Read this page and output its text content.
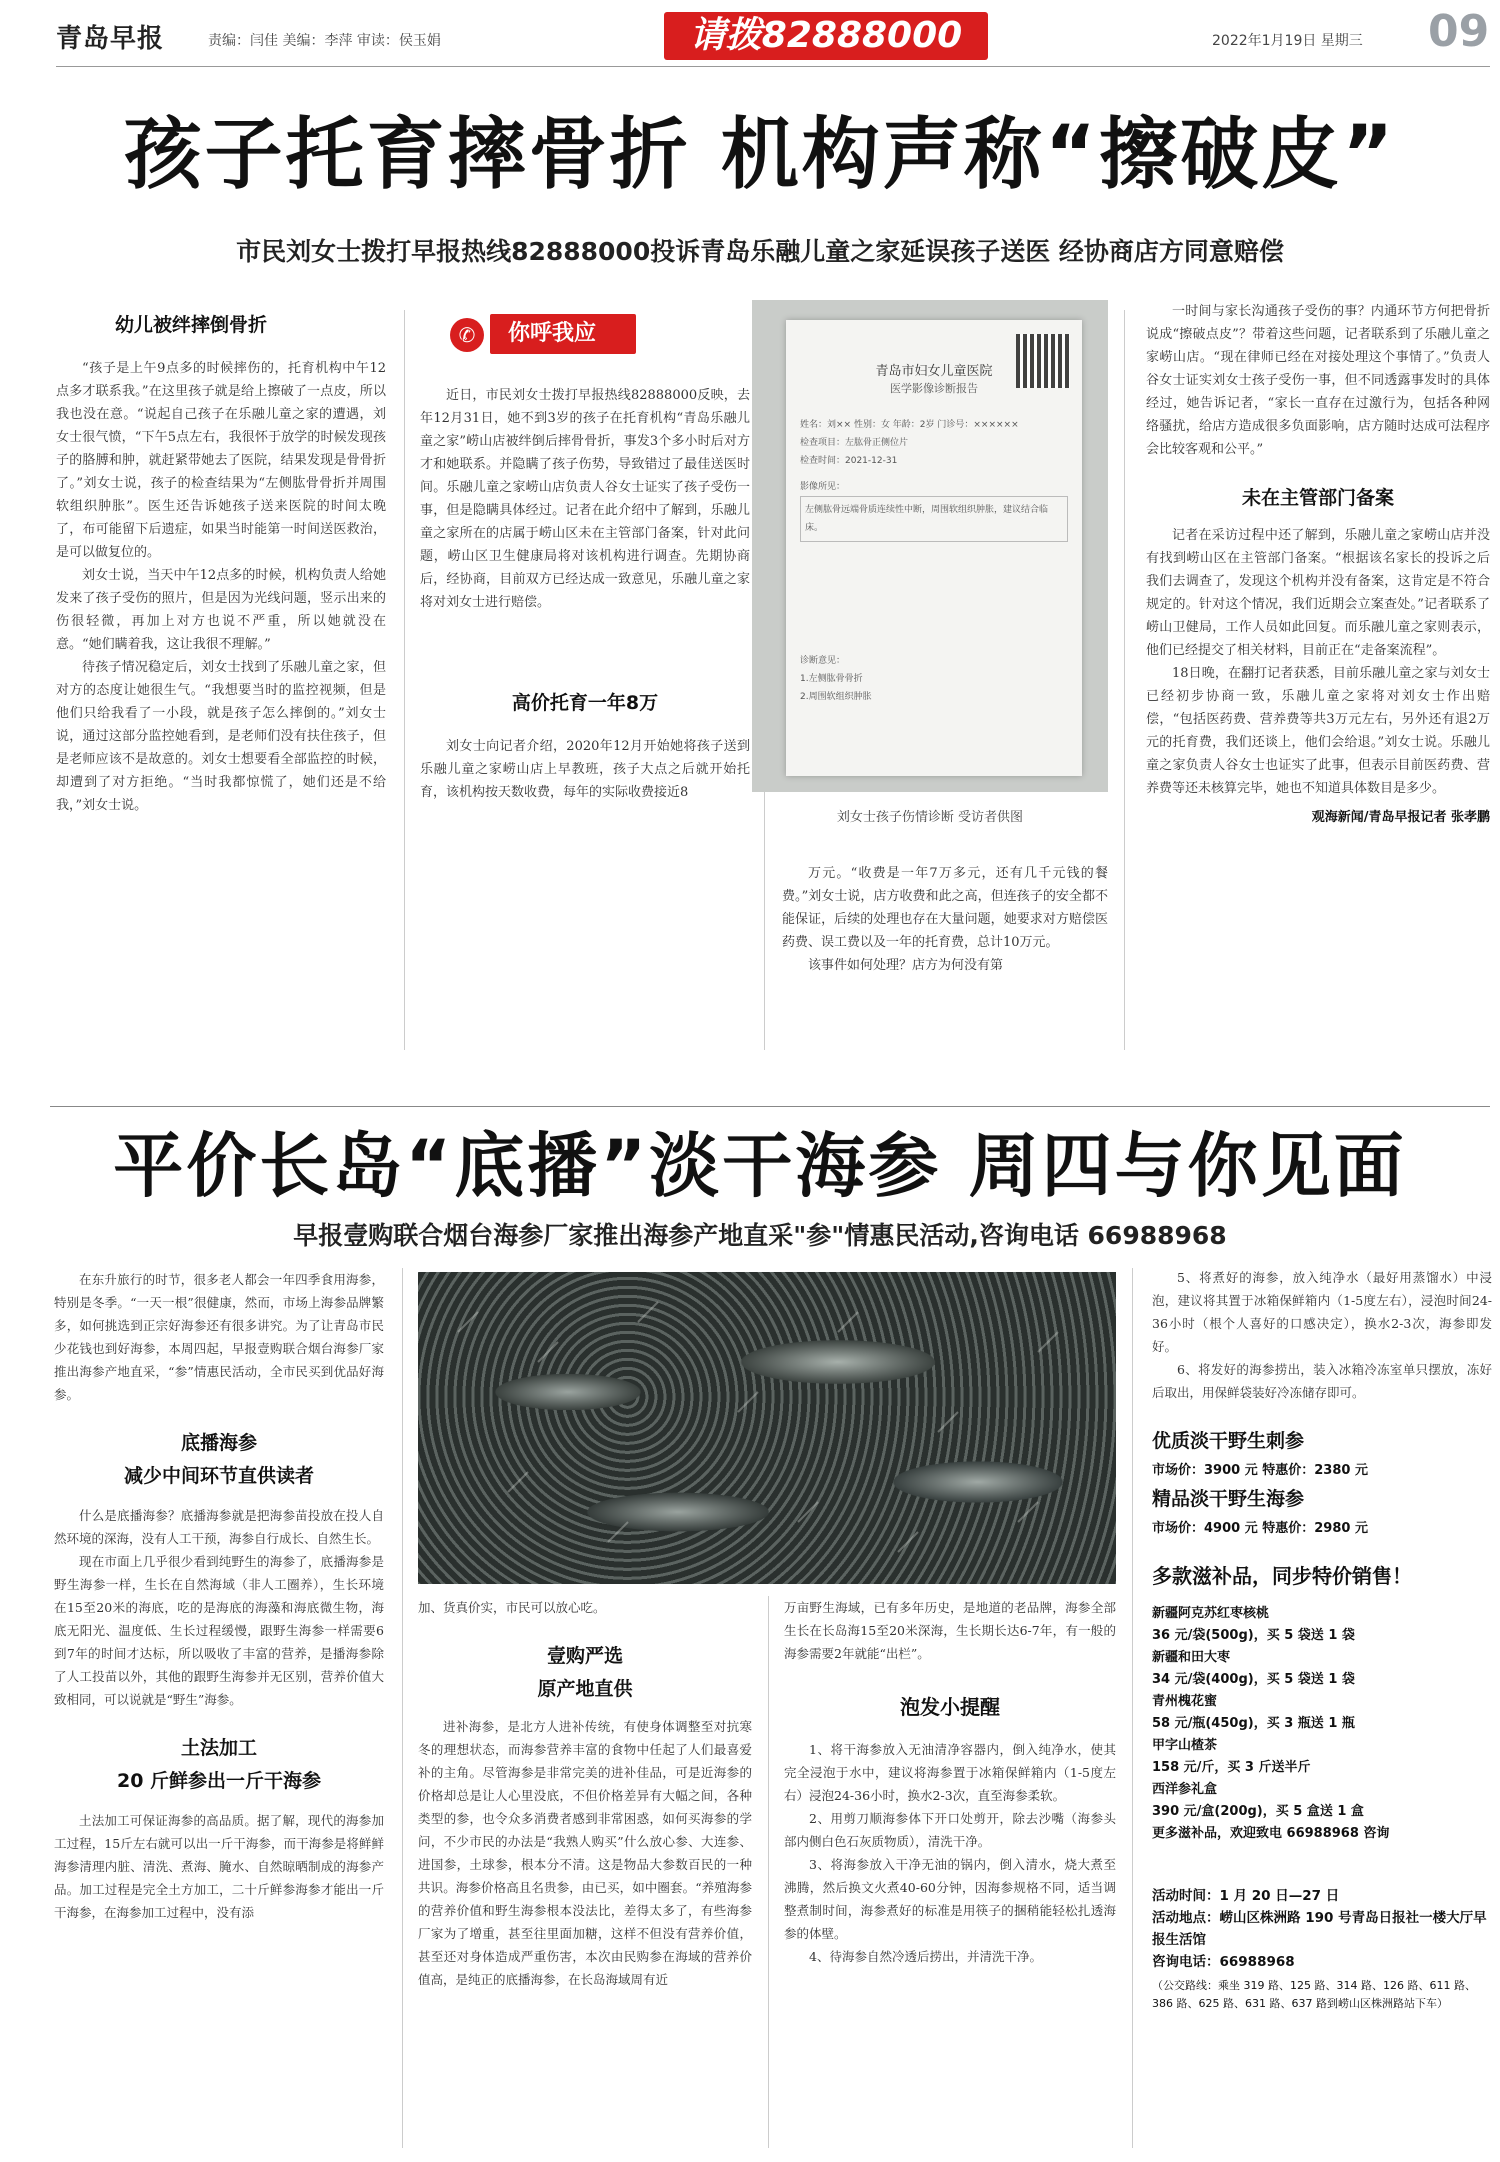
青岛早报	责编：闫佳 美编：李萍 审读：侯玉娟	请拨82888000	2022年1月19日 星期三 09
孩子托育摔骨折 机构声称“擦破皮”
市民刘女士拨打早报热线82888000投诉青岛乐融儿童之家延误孩子送医 经协商店方同意赔偿
幼儿被绊摔倒骨折

“孩子是上午9点多的时候摔伤的，托育机构中午12点多才联系我。”在这里孩子就是给上擦破了一点皮，所以我也没在意。“说起自己孩子在乐融儿童之家的遭遇，刘女士很气愤，“下午5点左右，我很怀于放学的时候发现孩子的胳膊和肿，就赶紧带她去了医院，结果发现是骨骨折了。”刘女士说，孩子的检查结果为“左侧肱骨骨折并周围软组织肿胀”。医生还告诉她孩子送来医院的时间太晚了，布可能留下后遗症，如果当时能第一时间送医救治，是可以做复位的。

刘女士说，当天中午12点多的时候，机构负责人给她发来了孩子受伤的照片，但是因为光线问题，竖示出来的伤很轻微，再加上对方也说不严重，所以她就没在意。“她们瞒着我，这让我很不理解。”

待孩子情况稳定后，刘女士找到了乐融儿童之家，但对方的态度让她很生气。“我想要当时的监控视频，但是他们只给我看了一小段，就是孩子怎么摔倒的。”刘女士说，通过这部分监控她看到，是老师们没有扶住孩子，但是老师应该不是故意的。刘女士想要看全部监控的时候，却遭到了对方拒绝。“当时我都惊慌了，她们还是不给我，”刘女士说。

✆	你呼我应

近日，市民刘女士拨打早报热线82888000反映，去年12月31日，她不到3岁的孩子在托育机构“青岛乐融儿童之家”崂山店被绊倒后摔骨骨折，事发3个多小时后对方才和她联系。并隐瞒了孩子伤势，导致错过了最佳送医时间。乐融儿童之家崂山店负责人谷女士证实了孩子受伤一事，但是隐瞒具体经过。记者在此介绍中了解到，乐融儿童之家所在的店属于崂山区未在主管部门备案，针对此问题，崂山区卫生健康局将对该机构进行调查。先期协商后，经协商，目前双方已经达成一致意见，乐融儿童之家将对刘女士进行赔偿。

高价托育一年8万

刘女士向记者介绍，2020年12月开始她将孩子送到乐融儿童之家崂山店上早教班，孩子大点之后就开始托育，该机构按天数收费，每年的实际收费接近8

青岛市妇女儿童医院
医学影像诊断报告
姓名：刘×× 性别：女 年龄：2岁 门诊号：××××××
检查项目：左肱骨正侧位片
检查时间：2021-12-31
影像所见：
左侧肱骨远端骨质连续性中断，周围软组织肿胀，建议结合临床。
诊断意见：
1.左侧肱骨骨折
2.周围软组织肿胀
刘女士孩子伤情诊断 受访者供图

万元。“收费是一年7万多元，还有几千元钱的餐费。”刘女士说，店方收费和此之高，但连孩子的安全都不能保证，后续的处理也存在大量问题，她要求对方赔偿医药费、误工费以及一年的托育费，总计10万元。

该事件如何处理？店方为何没有第

一时间与家长沟通孩子受伤的事？内通环节方何把骨折说成“擦破点皮”？带着这些问题，记者联系到了乐融儿童之家崂山店。“现在律师已经在对接处理这个事情了。”负责人谷女士证实刘女士孩子受伤一事，但不同透露事发时的具体经过，她告诉记者，“家长一直存在过激行为，包括各种网络骚扰，给店方造成很多负面影响，店方随时达成可法程序会比较客观和公平。”

未在主管部门备案

记者在采访过程中还了解到，乐融儿童之家崂山店并没有找到崂山区在主管部门备案。“根据该名家长的投诉之后我们去调查了，发现这个机构并没有备案，这肯定是不符合规定的。针对这个情况，我们近期会立案查处。”记者联系了崂山卫健局，工作人员如此回复。而乐融儿童之家则表示，他们已经提交了相关材料，目前正在“走备案流程”。

18日晚，在翻打记者获悉，目前乐融儿童之家与刘女士已经初步协商一致，乐融儿童之家将对刘女士作出赔偿，“包括医药费、营养费等共3万元左右，另外还有退2万元的托育费，我们还谈上，他们会给退。”刘女士说。乐融儿童之家负责人谷女士也证实了此事，但表示目前医药费、营养费等还未核算完毕，她也不知道具体数目是多少。

观海新闻/青岛早报记者 张孝鹏
平价长岛“底播”淡干海参 周四与你见面
早报壹购联合烟台海参厂家推出海参产地直采"参"情惠民活动,咨询电话 66988968

在东升旅行的时节，很多老人都会一年四季食用海参，特别是冬季。“一天一根”很健康，然而，市场上海参品牌繁多，如何挑选到正宗好海参还有很多讲究。为了让青岛市民少花钱也到好海参，本周四起，早报壹购联合烟台海参厂家推出海参产地直采，“参”情惠民活动，全市民买到优品好海参。

底播海参
减少中间环节直供读者

什么是底播海参？底播海参就是把海参苗投放在投人自然环境的深海，没有人工干预，海参自行成长、自然生长。

现在市面上几乎很少看到纯野生的海参了，底播海参是野生海参一样，生长在自然海域（非人工圈养），生长环境在15至20米的海底，吃的是海底的海藻和海底微生物，海底无阳光、温度低、生长过程缓慢，跟野生海参一样需要6到7年的时间才达标，所以吸收了丰富的营养，是播海参除了人工投苗以外，其他的跟野生海参并无区别，营养价值大致相同，可以说就是“野生”海参。

土法加工
20 斤鲜参出一斤干海参

土法加工可保证海参的高品质。据了解，现代的海参加工过程，15斤左右就可以出一斤干海参，而干海参是将鲜鲜海参清理内脏、清洗、煮海、腌水、自然晾晒制成的海参产品。加工过程是完全土方加工，二十斤鲜参海参才能出一斤干海参，在海参加工过程中，没有添

加、货真价实，市民可以放心吃。

壹购严选
原产地直供

进补海参，是北方人进补传统，有使身体调整至对抗寒冬的理想状态，而海参营养丰富的食物中任起了人们最喜爱补的主角。尽管海参是非常完美的进补佳品，可是近海参的价格却总是让人心里没底，不但价格差异有大幅之间，各种类型的参，也令众多消费者感到非常困惑，如何买海参的学问，不少市民的办法是“我熟人购买”什么放心参、大连参、进国参，土球参，根本分不清。这是物品大参数百民的一种共识。海参价格高且名贵参，由已买，如中圈套。“养殖海参的营养价值和野生海参根本没法比，差得太多了，有些海参厂家为了增重，甚至往里面加糖，这样不但没有营养价值，甚至还对身体造成严重伤害，本次由民购参在海域的营养价值高，是纯正的底播海参，在长岛海域周有近

万亩野生海域，已有多年历史，是地道的老品牌，海参全部生长在长岛海15至20米深海，生长期长达6-7年，有一般的海参需要2年就能“出栏”。

泡发小提醒

1、将干海参放入无油清净容器内，倒入纯净水，使其完全浸泡于水中，建议将海参置于冰箱保鲜箱内（1-5度左右）浸泡24-36小时，换水2-3次，直至海参柔软。

2、用剪刀顺海参体下开口处剪开，除去沙嘴（海参头部内侧白色石灰质物质），清洗干净。

3、将海参放入干净无油的锅内，倒入清水，烧大煮至沸腾，然后换文火煮40-60分钟，因海参规格不同，适当调整煮制时间，海参煮好的标准是用筷子的捆稍能轻松扎透海参的体壁。

4、待海参自然冷透后捞出，并清洗干净。

5、将煮好的海参，放入纯净水（最好用蒸馏水）中浸泡，建议将其置于冰箱保鲜箱内（1-5度左右），浸泡时间24-36小时（根个人喜好的口感决定），换水2-3次，海参即发好。

6、将发好的海参捞出，装入冰箱冷冻室单只摆放，冻好后取出，用保鲜袋装好冷冻储存即可。

优质淡干野生刺参
市场价：3900 元 特惠价：2380 元
精品淡干野生海参
市场价：4900 元 特惠价：2980 元
多款滋补品，同步特价销售！
新疆阿克苏红枣核桃
36 元/袋(500g)，买 5 袋送 1 袋
新疆和田大枣
34 元/袋(400g)，买 5 袋送 1 袋
青州槐花蜜
58 元/瓶(450g)，买 3 瓶送 1 瓶
甲字山楂茶
158 元/斤，买 3 斤送半斤
西洋参礼盒
390 元/盒(200g)，买 5 盒送 1 盒
更多滋补品，欢迎致电 66988968 咨询
活动时间：1 月 20 日—27 日
活动地点：崂山区株洲路 190 号青岛日报社一楼大厅早报生活馆
咨询电话：66988968
（公交路线：乘坐 319 路、125 路、314 路、126 路、611 路、386 路、625 路、631 路、637 路到崂山区株洲路站下车）
